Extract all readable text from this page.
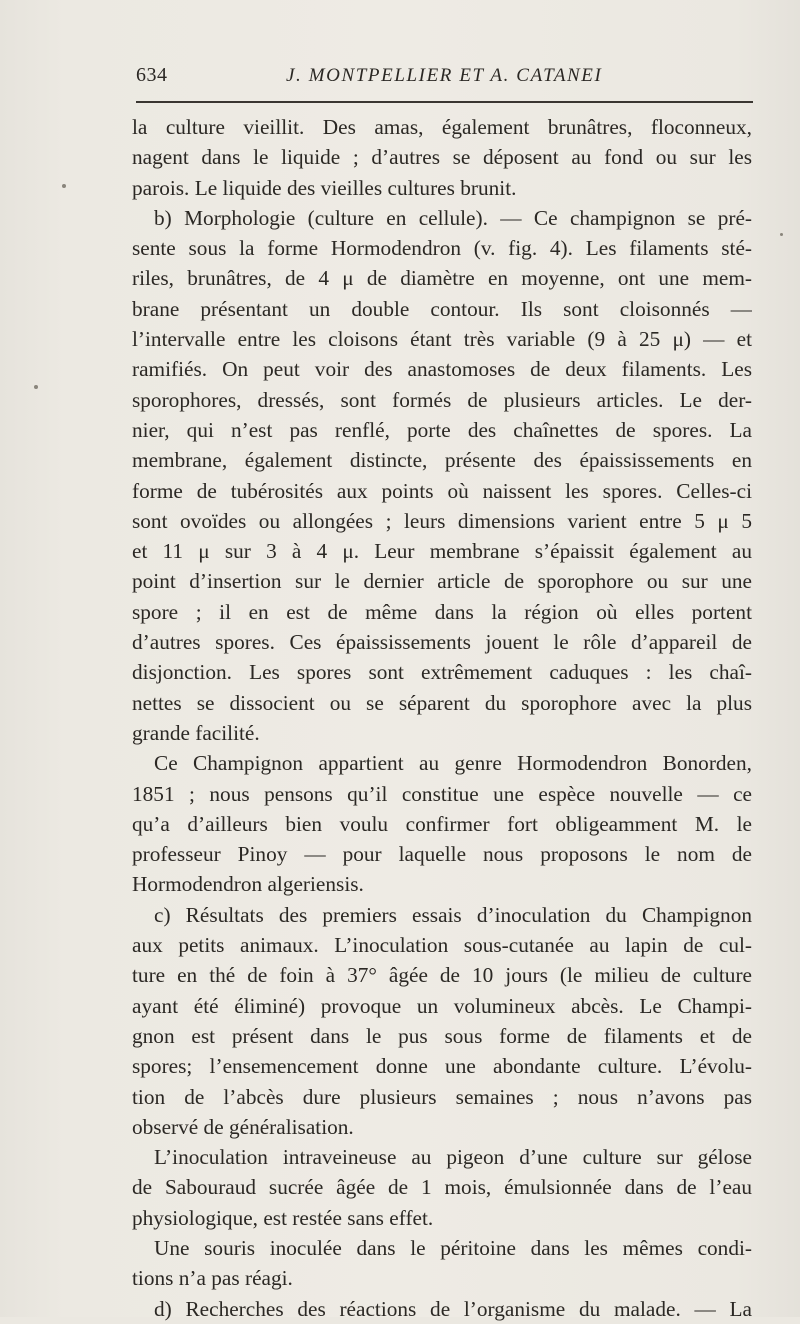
634	J. MONTPELLIER ET A. CATANEI
la culture vieillit. Des amas, également brunâtres, floconneux,
nagent dans le liquide ; d’autres se déposent au fond ou sur les
parois. Le liquide des vieilles cultures brunit.
b) Morphologie (culture en cellule). — Ce champignon se pré-
sente sous la forme Hormodendron (v. fig. 4). Les filaments sté-
riles, brunâtres, de 4 μ de diamètre en moyenne, ont une mem-
brane présentant un double contour. Ils sont cloisonnés —
l’intervalle entre les cloisons étant très variable (9 à 25 μ) — et
ramifiés. On peut voir des anastomoses de deux filaments. Les
sporophores, dressés, sont formés de plusieurs articles. Le der-
nier, qui n’est pas renflé, porte des chaînettes de spores. La
membrane, également distincte, présente des épaississements en
forme de tubérosités aux points où naissent les spores. Celles-ci
sont ovoïdes ou allongées ; leurs dimensions varient entre 5 μ 5
et 11 μ sur 3 à 4 μ. Leur membrane s’épaissit également au
point d’insertion sur le dernier article de sporophore ou sur une
spore ; il en est de même dans la région où elles portent
d’autres spores. Ces épaississements jouent le rôle d’appareil de
disjonction. Les spores sont extrêmement caduques : les chaî-
nettes se dissocient ou se séparent du sporophore avec la plus
grande facilité.
Ce Champignon appartient au genre Hormodendron Bonorden,
1851 ; nous pensons qu’il constitue une espèce nouvelle — ce
qu’a d’ailleurs bien voulu confirmer fort obligeamment M. le
professeur Pinoy — pour laquelle nous proposons le nom de
Hormodendron algeriensis.
c) Résultats des premiers essais d’inoculation du Champignon
aux petits animaux. L’inoculation sous-cutanée au lapin de cul-
ture en thé de foin à 37° âgée de 10 jours (le milieu de culture
ayant été éliminé) provoque un volumineux abcès. Le Champi-
gnon est présent dans le pus sous forme de filaments et de
spores; l’ensemencement donne une abondante culture. L’évolu-
tion de l’abcès dure plusieurs semaines ; nous n’avons pas
observé de généralisation.
L’inoculation intraveineuse au pigeon d’une culture sur gélose
de Sabouraud sucrée âgée de 1 mois, émulsionnée dans de l’eau
physiologique, est restée sans effet.
Une souris inoculée dans le péritoine dans les mêmes condi-
tions n’a pas réagi.
d) Recherches des réactions de l’organisme du malade. — La
